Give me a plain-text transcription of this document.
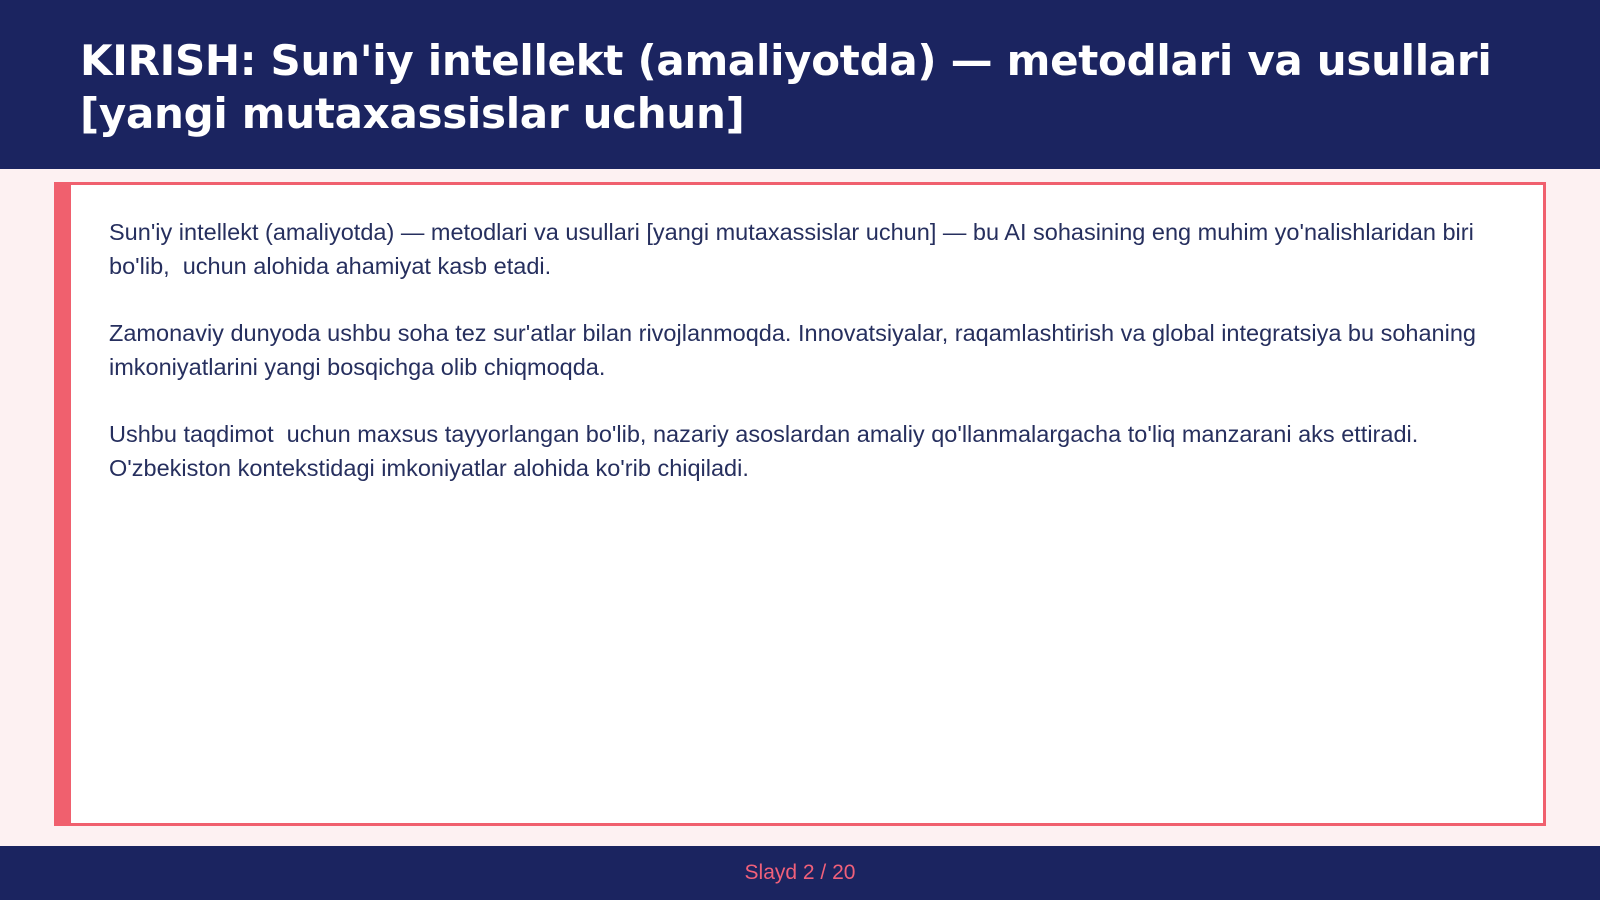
KIRISH: Sun'iy intellekt (amaliyotda) — metodlari va usullari [yangi mutaxassislar uchun]

Sun'iy intellekt (amaliyotda) — metodlari va usullari [yangi mutaxassislar uchun] — bu AI sohasining eng muhim yo'nalishlaridan biri bo'lib,  uchun alohida ahamiyat kasb etadi.

Zamonaviy dunyoda ushbu soha tez sur'atlar bilan rivojlanmoqda. Innovatsiyalar, raqamlashtirish va global integratsiya bu sohaning imkoniyatlarini yangi bosqichga olib chiqmoqda.

Ushbu taqdimot  uchun maxsus tayyorlangan bo'lib, nazariy asoslardan amaliy qo'llanmalargacha to'liq manzarani aks ettiradi. O'zbekiston kontekstidagi imkoniyatlar alohida ko'rib chiqiladi.

Slayd 2 / 20
